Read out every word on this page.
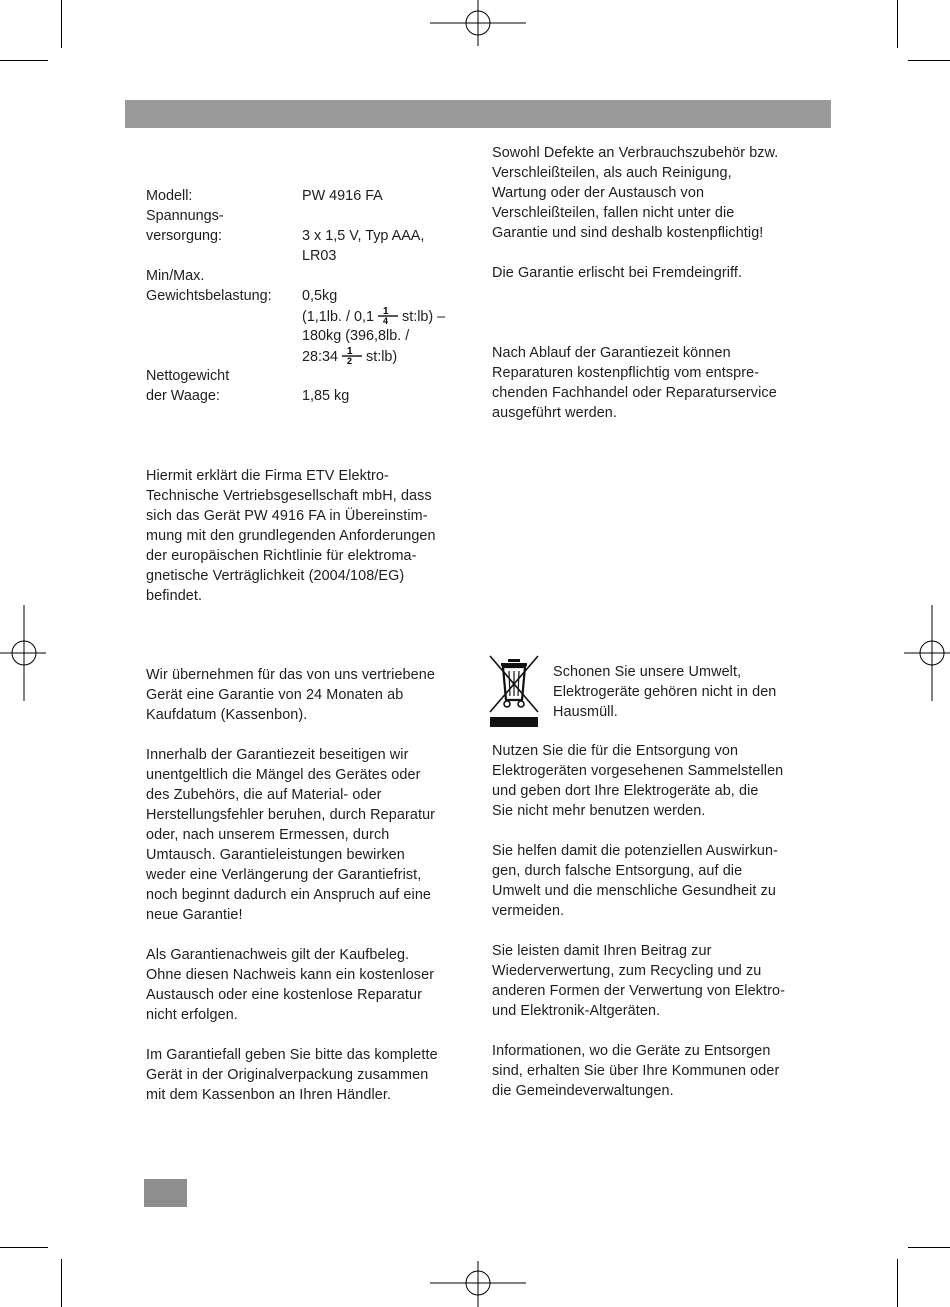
Modell:	PW 4916 FA
Spannungs-
versorgung:	3 x 1,5 V, Typ AAA,
LR03
Min/Max.
Gewichtsbelastung: 0,5kg
(1,1lb. / 0,1 1
4 st:lb) –
180kg (396,8lb. /
28:34 1
2 st:lb)
Nettogewicht
der Waage:	1,85 kg

Hiermit erklärt die Firma ETV Elektro-
Technische Vertriebsgesellschaft mbH, dass
sich das Gerät PW 4916 FA in Übereinstim-
mung mit den grundlegenden Anforderungen
der europäischen Richtlinie für elektroma-
gnetische Verträglichkeit (2004/108/EG)
befindet.

Wir übernehmen für das von uns vertriebene
Gerät eine Garantie von 24 Monaten ab
Kaufdatum (Kassenbon).

Innerhalb der Garantiezeit beseitigen wir
unentgeltlich die Mängel des Gerätes oder
des Zubehörs, die auf Material- oder
Herstellungsfehler beruhen, durch Reparatur
oder, nach unserem Ermessen, durch
Umtausch. Garantieleistungen bewirken
weder eine Verlängerung der Garantiefrist,
noch beginnt dadurch ein Anspruch auf eine
neue Garantie!

Als Garantienachweis gilt der Kaufbeleg.
Ohne diesen Nachweis kann ein kostenloser
Austausch oder eine kostenlose Reparatur
nicht erfolgen.

Im Garantiefall geben Sie bitte das komplette
Gerät in der Originalverpackung zusammen
mit dem Kassenbon an Ihren Händler.

Sowohl Defekte an Verbrauchszubehör bzw.
Verschleißteilen, als auch Reinigung,
Wartung oder der Austausch von
Verschleißteilen, fallen nicht unter die
Garantie und sind deshalb kostenpflichtig!

Die Garantie erlischt bei Fremdeingriff.

Nach Ablauf der Garantiezeit können
Reparaturen kostenpflichtig vom entspre-
chenden Fachhandel oder Reparaturservice
ausgeführt werden.

Schonen Sie unsere Umwelt,
Elektrogeräte gehören nicht in den
Hausmüll.

Nutzen Sie die für die Entsorgung von
Elektrogeräten vorgesehenen Sammelstellen
und geben dort Ihre Elektrogeräte ab, die
Sie nicht mehr benutzen werden.

Sie helfen damit die potenziellen Auswirkun-
gen, durch falsche Entsorgung, auf die
Umwelt und die menschliche Gesundheit zu
vermeiden.

Sie leisten damit Ihren Beitrag zur
Wiederverwertung, zum Recycling und zu
anderen Formen der Verwertung von Elektro-
und Elektronik-Altgeräten.

Informationen, wo die Geräte zu Entsorgen
sind, erhalten Sie über Ihre Kommunen oder
die Gemeindeverwaltungen.
